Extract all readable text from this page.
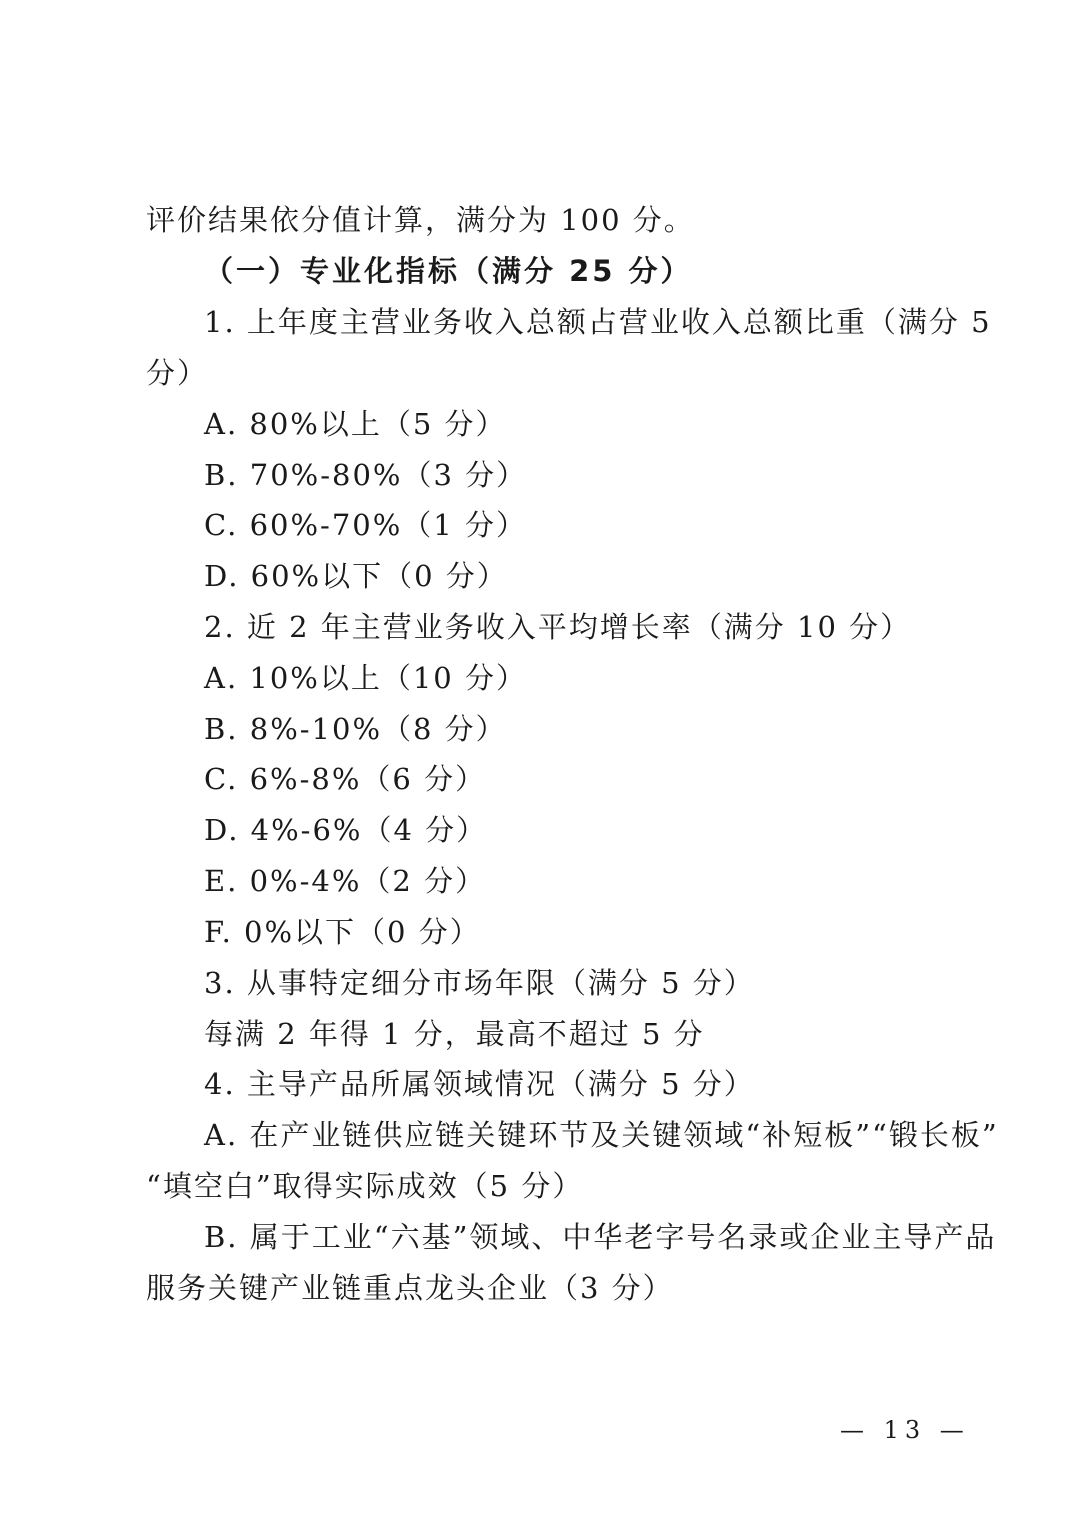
评价结果依分值计算，满分为 100 分。
（一）专业化指标（满分 25 分）
1. 上年度主营业务收入总额占营业收入总额比重（满分 5
分）
A. 80%以上（5 分）
B. 70%-80%（3 分）
C. 60%-70%（1 分）
D. 60%以下（0 分）
2. 近 2 年主营业务收入平均增长率（满分 10 分）
A. 10%以上（10 分）
B. 8%-10%（8 分）
C. 6%-8%（6 分）
D. 4%-6%（4 分）
E. 0%-4%（2 分）
F. 0%以下（0 分）
3. 从事特定细分市场年限（满分 5 分）
每满 2 年得 1 分，最高不超过 5 分
4. 主导产品所属领域情况（满分 5 分）
A. 在产业链供应链关键环节及关键领域“补短板”“锻长板”
“填空白”取得实际成效（5 分）
B. 属于工业“六基”领域、中华老字号名录或企业主导产品
服务关键产业链重点龙头企业（3 分）
— 13 —
